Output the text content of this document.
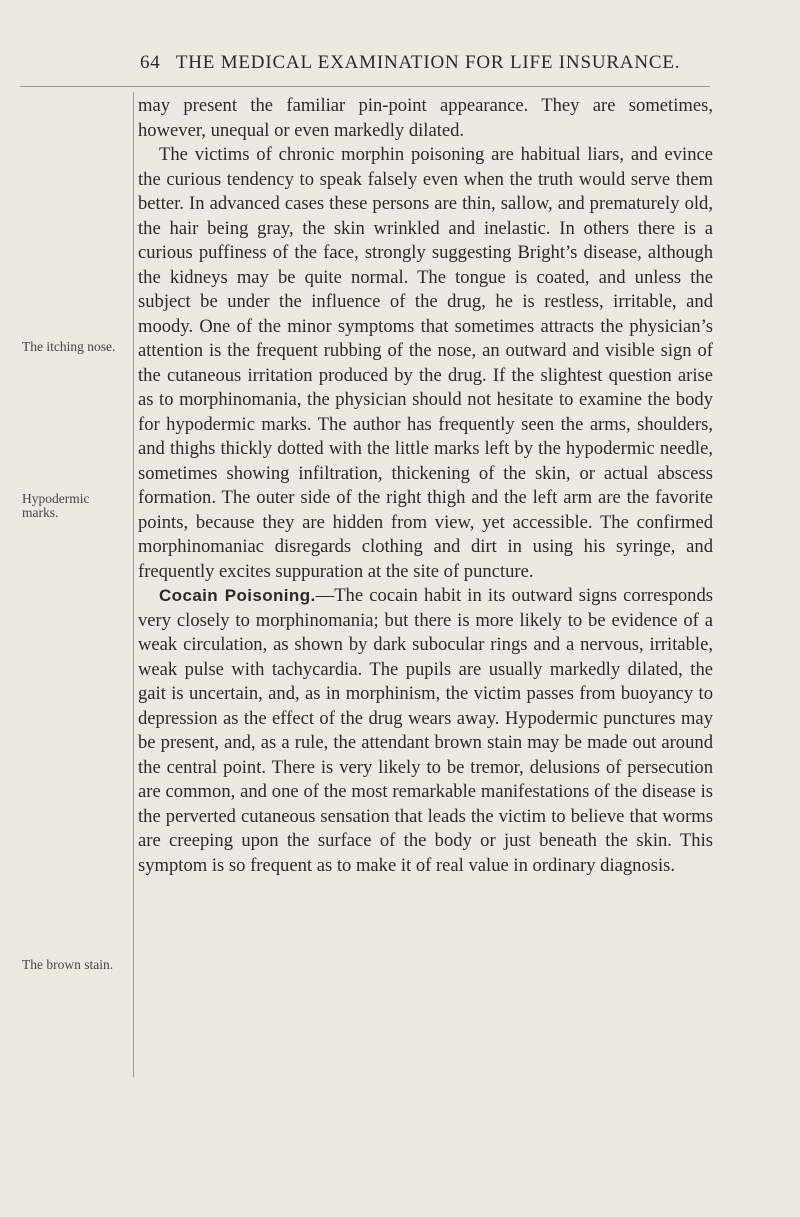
64 THE MEDICAL EXAMINATION FOR LIFE INSURANCE.
The itching nose.
Hypodermic marks.
The brown stain.

may present the familiar pin-point appearance. They are sometimes, however, unequal or even markedly dilated.

The victims of chronic morphin poisoning are habitual liars, and evince the curious tendency to speak falsely even when the truth would serve them better. In advanced cases these persons are thin, sallow, and prematurely old, the hair being gray, the skin wrinkled and inelastic. In others there is a curious puffiness of the face, strongly suggesting Bright’s disease, although the kidneys may be quite normal. The tongue is coated, and unless the subject be under the influence of the drug, he is restless, irritable, and moody. One of the minor symptoms that sometimes attracts the physician’s attention is the frequent rubbing of the nose, an outward and visible sign of the cutaneous irritation produced by the drug. If the slightest question arise as to morphinomania, the physician should not hesitate to examine the body for hypodermic marks. The author has frequently seen the arms, shoulders, and thighs thickly dotted with the little marks left by the hypodermic needle, sometimes showing infiltration, thickening of the skin, or actual abscess formation. The outer side of the right thigh and the left arm are the favorite points, because they are hidden from view, yet accessible. The confirmed morphinomaniac disregards clothing and dirt in using his syringe, and frequently excites suppuration at the site of puncture.

Cocain Poisoning.—The cocain habit in its outward signs corresponds very closely to morphinomania; but there is more likely to be evidence of a weak circulation, as shown by dark subocular rings and a nervous, irritable, weak pulse with tachycardia. The pupils are usually markedly dilated, the gait is uncertain, and, as in morphinism, the victim passes from buoyancy to depression as the effect of the drug wears away. Hypodermic punctures may be present, and, as a rule, the attendant brown stain may be made out around the central point. There is very likely to be tremor, delusions of persecution are common, and one of the most remarkable manifestations of the disease is the perverted cutaneous sensation that leads the victim to believe that worms are creeping upon the surface of the body or just beneath the skin. This symptom is so frequent as to make it of real value in ordinary diagnosis.
